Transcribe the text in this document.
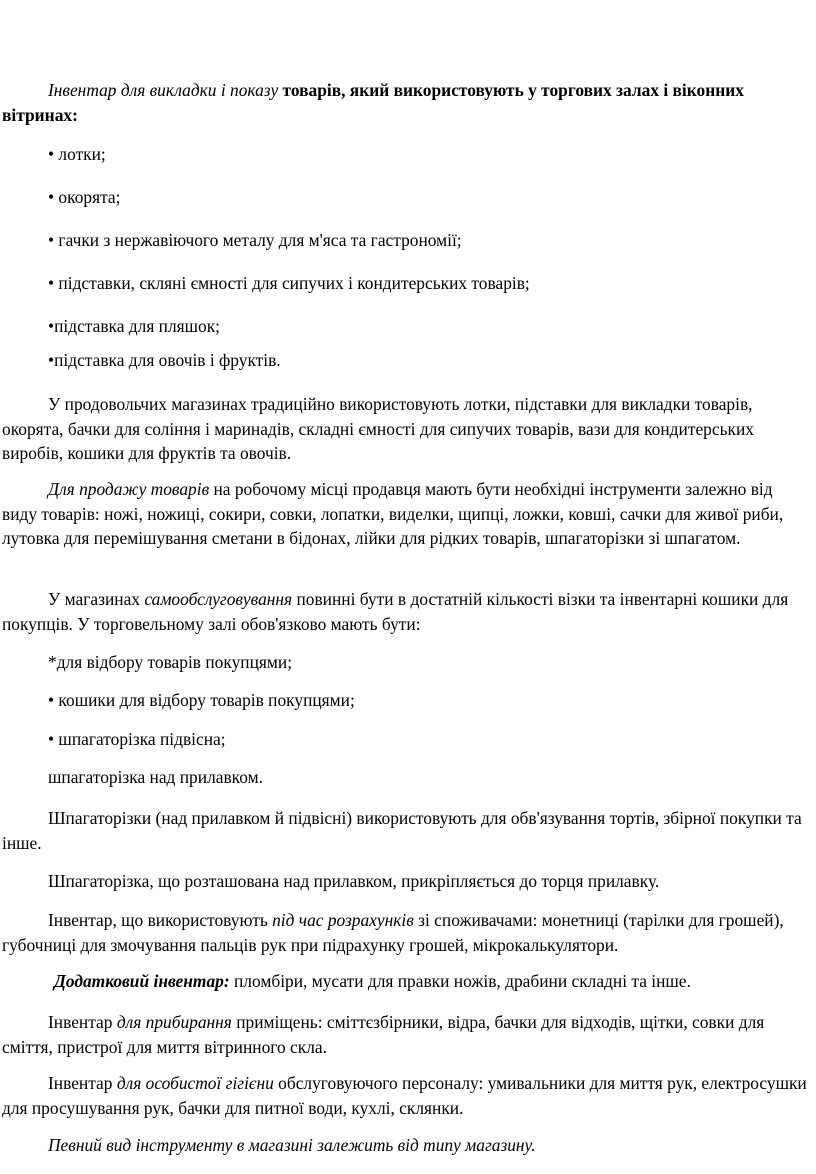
Інвентар для викладки і показу товарів, який використовують у торгових залах і віконних вітринах:

• лотки;

• окорята;

• гачки з нержавіючого металу для м'яса та гастрономії;

• підставки, скляні ємності для сипучих і кондитерських товарів;

•підставка для пляшок;

•підставка для овочів і фруктів.

У продовольчих магазинах традиційно використовують лотки, підставки для викладки товарів, окорята, бачки для соління і маринадів, складні ємності для сипучих товарів, вази для кондитерських виробів, кошики для фруктів та овочів.

Для продажу товарів на робочому місці продавця мають бути необхідні інструменти залежно від виду товарів: ножі, ножиці, сокири, совки, лопатки, виделки, щипці, ложки, ковші, сачки для живої риби, лутовка для перемішування сметани в бідонах, лійки для рідких товарів, шпагаторізки зі шпагатом.

У магазинах самообслуговування повинні бути в достатній кількості візки та інвентарні кошики для покупців. У торговельному залі обов'язково мають бути:

*для відбору товарів покупцями;

• кошики для відбору товарів покупцями;

• шпагаторізка підвісна;

шпагаторізка над прилавком.

Шпагаторізки (над прилавком й підвісні) використовують для обв'язування тортів, збірної покупки та інше.

Шпагаторізка, що розташована над прилавком, прикріпляється до торця прилавку.

Інвентар, що використовують під час розрахунків зі споживачами: монетниці (тарілки для грошей), губочниці для змочування пальців рук при підрахунку грошей, мікрокалькулятори.

Додатковий інвентар: пломбіри, мусати для правки ножів, драбини складні та інше.

Інвентар для прибирання приміщень: сміттєзбірники, відра, бачки для відходів, щітки, совки для сміття, пристрої для миття вітринного скла.

Інвентар для особистої гігієни обслуговуючого персоналу: умивальники для миття рук, електросушки для просушування рук, бачки для питної води, кухлі, склянки.

Певний вид інструменту в магазині залежить від типу магазину.
